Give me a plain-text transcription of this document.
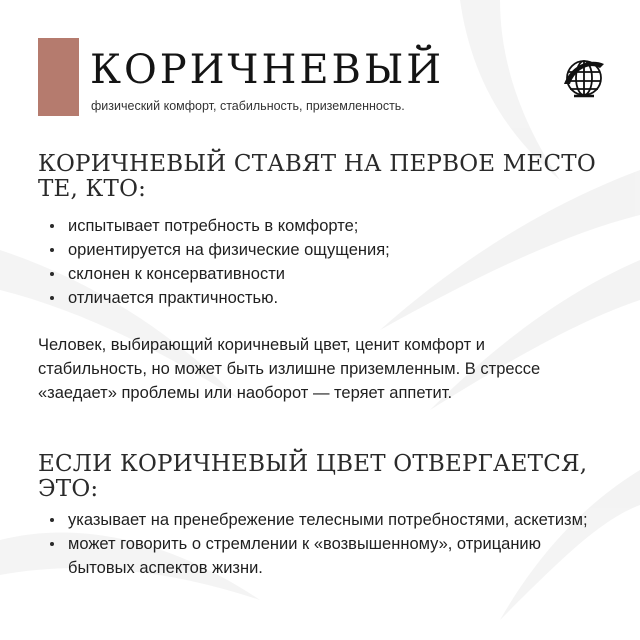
КОРИЧНЕВЫЙ

физический комфорт, стабильность, приземленность.

КОРИЧНЕВЫЙ СТАВЯТ НА ПЕРВОЕ МЕСТО ТЕ, КТО:
испытывает потребность в комфорте;
ориентируется на физические ощущения;
склонен к консервативности
отличается практичностью.

Человек, выбирающий коричневый цвет, ценит комфорт и стабильность, но может быть излишне приземленным. В стрессе «заедает» проблемы или наоборот — теряет аппетит.

ЕСЛИ КОРИЧНЕВЫЙ ЦВЕТ ОТВЕРГАЕТСЯ, ЭТО:
указывает на пренебрежение телесными потребностями, аскетизм;
может говорить о стремлении к «возвышенному», отрицанию бытовых аспектов жизни.
